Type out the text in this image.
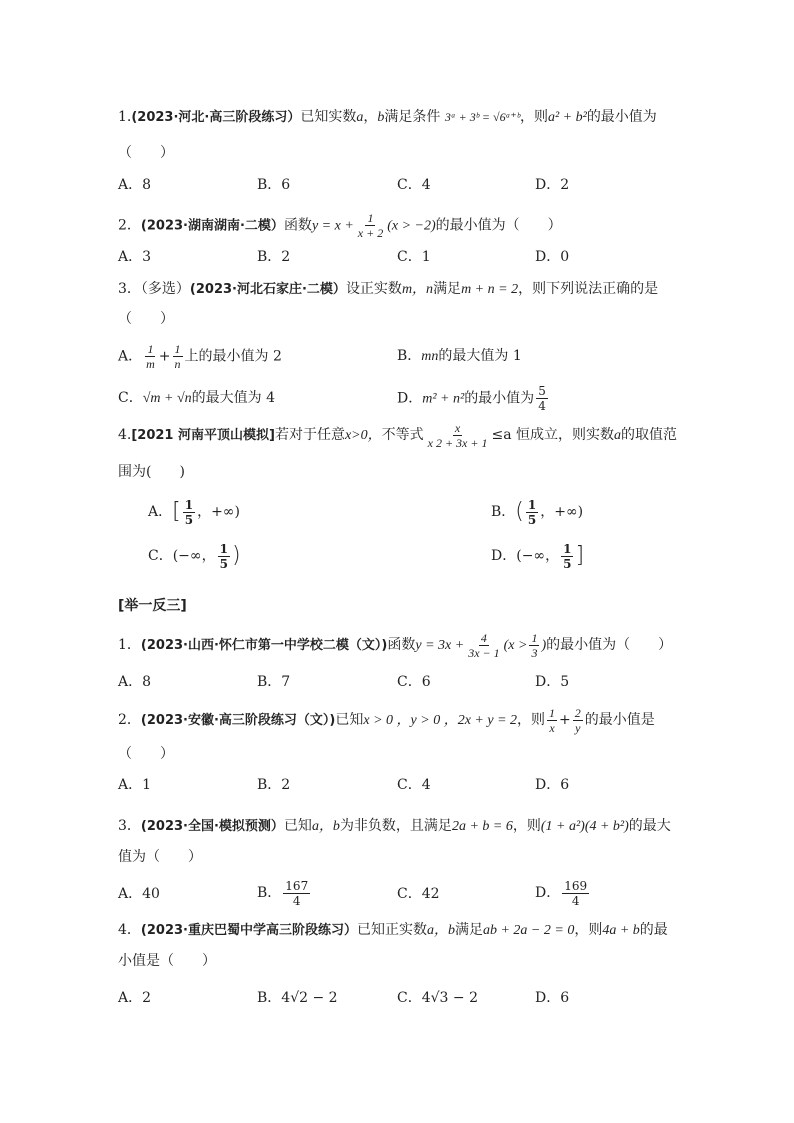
1.(2023·河北·高三阶段练习）已知实数a，b满足条件 3ᵃ + 3ᵇ = √6ᵃ⁺ᵇ，则a² + b²的最小值为
（　　）
A．8	B．6	C．4	D．2
2．(2023·湖南湖南·二模）函数$y = x + \frac{1}{x + 2} (x > -2)$的最小值为（　　）
A．3	B．2	C．1	D．0
3．（多选）(2023·河北石家庄·二模）设正实数m，n满足m + n = 2，则下列说法正确的是
（　　）
A． $\frac{1}{m} + \frac{1}{n}$ 上的最小值为 2	B．mn的最大值为 1
C．√m + √n的最大值为 4	D．m² + n²的最小值为 $\frac{5}{4}$
4.[2021 河南平顶山模拟]若对于任意x>0，不等式 $\frac{x}{x 2 + 3x + 1} \le a$ 恒成立，则实数a的取值范
围为(　　)
A．[ $\frac{1}{5}$ ，+∞)	B．( $\frac{1}{5}$ ，+∞)
C．(−∞， $\frac{1}{5}$ )	D．(−∞， $\frac{1}{5}$ ]
[举一反三]
1．(2023·山西·怀仁市第一中学校二模（文）)函数$y = 3x + \frac{4}{3x - 1} (x > \frac{1}{3}$ )的最小值为（　　）
A．8	B．7	C．6	D．5
2．(2023·安徽·高三阶段练习（文）)已知x > 0 ，y > 0 ，2x + y = 2，则 $\frac{1}{x} + \frac{2}{y}$ 的最小值是
（　　）
A．1	B．2	C．4	D．6
3．(2023·全国·模拟预测）已知a，b为非负数，且满足2a + b = 6，则(1 + a²)(4 + b²)的最大
值为（　　）
A．40	B． $\frac{167}{4}$	C．42	D． $\frac{169}{4}$
4．(2023·重庆巴蜀中学高三阶段练习）已知正实数a，b满足ab + 2a − 2 = 0，则4a + b的最
小值是（　　）
A．2	B．4√2 − 2	C．4√3 − 2	D．6
